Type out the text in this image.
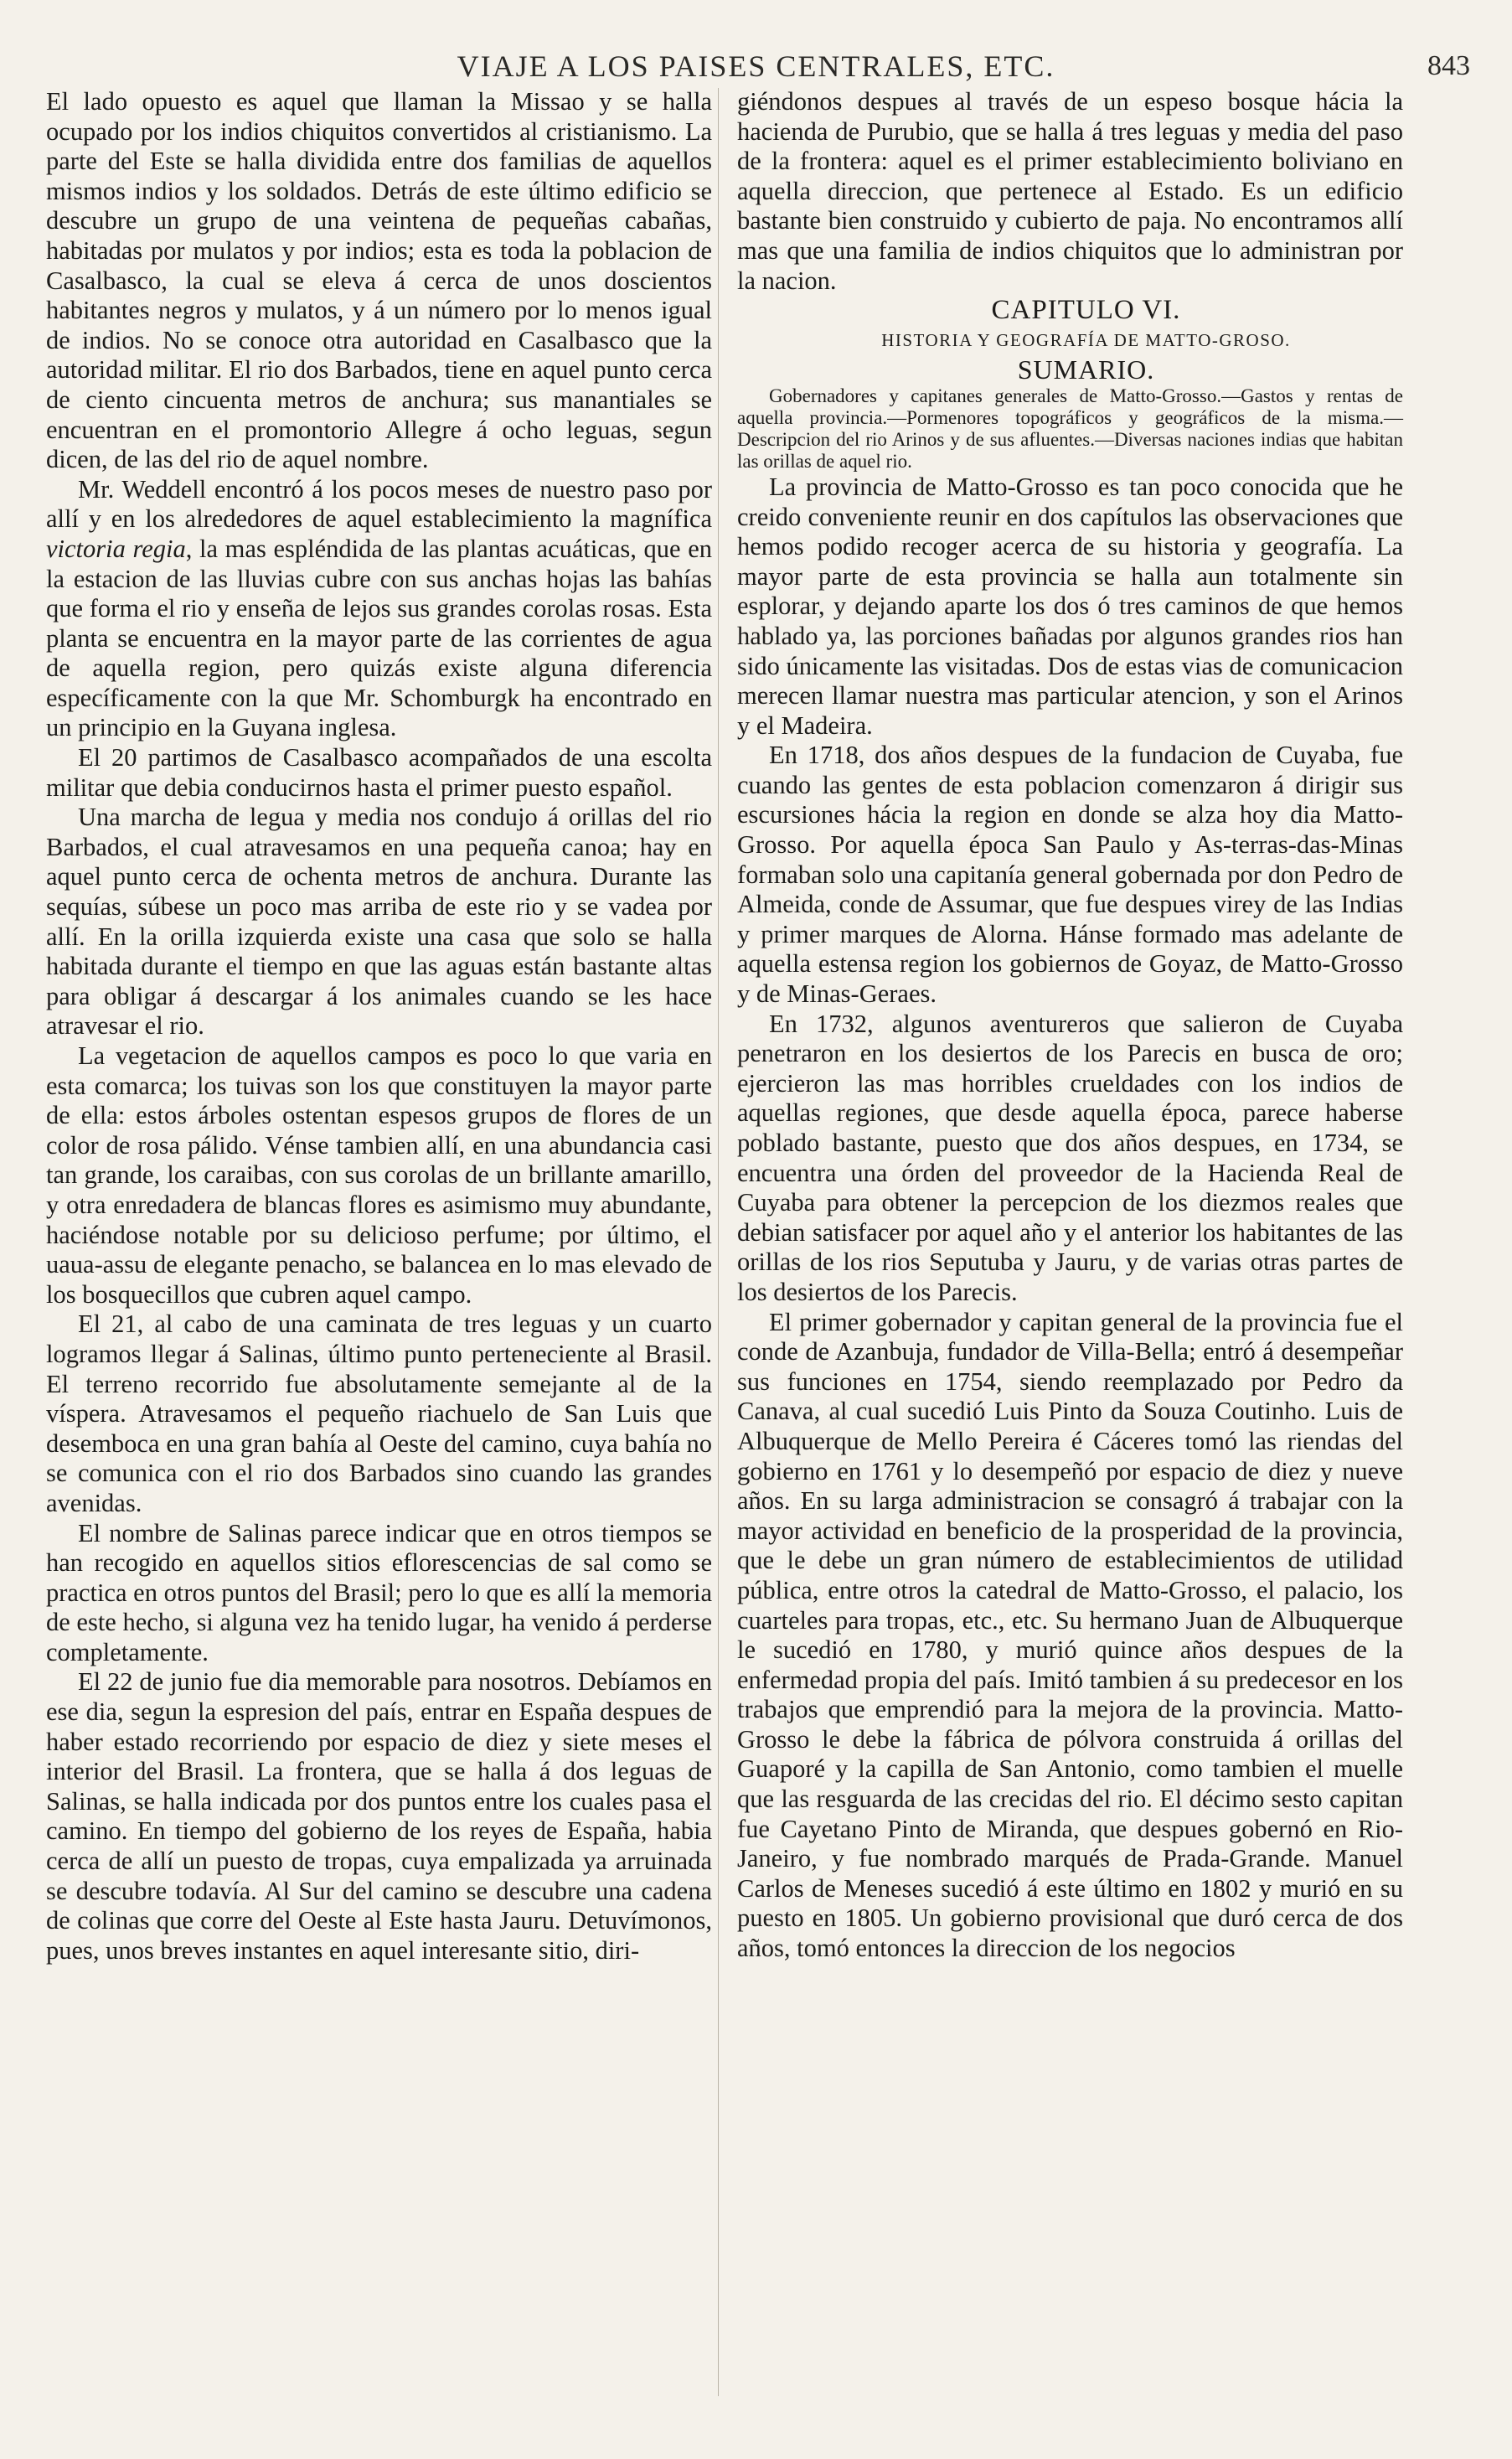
VIAJE A LOS PAISES CENTRALES, ETC.	843

El lado opuesto es aquel que llaman la Missao y se halla ocupado por los indios chiquitos convertidos al cristianismo. La parte del Este se halla dividida entre dos familias de aquellos mismos indios y los soldados. Detrás de este último edificio se descubre un grupo de una veintena de pequeñas cabañas, habitadas por mulatos y por indios; esta es toda la poblacion de Casalbasco, la cual se eleva á cerca de unos doscientos habitantes negros y mulatos, y á un número por lo menos igual de indios. No se conoce otra autoridad en Casalbasco que la autoridad militar. El rio dos Barbados, tiene en aquel punto cerca de ciento cincuenta metros de anchura; sus manantiales se encuentran en el promontorio Allegre á ocho leguas, segun dicen, de las del rio de aquel nombre.

Mr. Weddell encontró á los pocos meses de nuestro paso por allí y en los alrededores de aquel establecimiento la magnífica victoria regia, la mas espléndida de las plantas acuáticas, que en la estacion de las lluvias cubre con sus anchas hojas las bahías que forma el rio y enseña de lejos sus grandes corolas rosas. Esta planta se encuentra en la mayor parte de las corrientes de agua de aquella region, pero quizás existe alguna diferencia específicamente con la que Mr. Schomburgk ha encontrado en un principio en la Guyana inglesa.

El 20 partimos de Casalbasco acompañados de una escolta militar que debia conducirnos hasta el primer puesto español.

Una marcha de legua y media nos condujo á orillas del rio Barbados, el cual atravesamos en una pequeña canoa; hay en aquel punto cerca de ochenta metros de anchura. Durante las sequías, súbese un poco mas arriba de este rio y se vadea por allí. En la orilla izquierda existe una casa que solo se halla habitada durante el tiempo en que las aguas están bastante altas para obligar á descargar á los animales cuando se les hace atravesar el rio.

La vegetacion de aquellos campos es poco lo que varia en esta comarca; los tuivas son los que constituyen la mayor parte de ella: estos árboles ostentan espesos grupos de flores de un color de rosa pálido. Vénse tambien allí, en una abundancia casi tan grande, los caraibas, con sus corolas de un brillante amarillo, y otra enredadera de blancas flores es asimismo muy abundante, haciéndose notable por su delicioso perfume; por último, el uaua-assu de elegante penacho, se balancea en lo mas elevado de los bosquecillos que cubren aquel campo.

El 21, al cabo de una caminata de tres leguas y un cuarto logramos llegar á Salinas, último punto perteneciente al Brasil. El terreno recorrido fue absolutamente semejante al de la víspera. Atravesamos el pequeño riachuelo de San Luis que desemboca en una gran bahía al Oeste del camino, cuya bahía no se comunica con el rio dos Barbados sino cuando las grandes avenidas.

El nombre de Salinas parece indicar que en otros tiempos se han recogido en aquellos sitios eflorescencias de sal como se practica en otros puntos del Brasil; pero lo que es allí la memoria de este hecho, si alguna vez ha tenido lugar, ha venido á perderse completamente.

El 22 de junio fue dia memorable para nosotros. Debíamos en ese dia, segun la espresion del país, entrar en España despues de haber estado recorriendo por espacio de diez y siete meses el interior del Brasil. La frontera, que se halla á dos leguas de Salinas, se halla indicada por dos puntos entre los cuales pasa el camino. En tiempo del gobierno de los reyes de España, habia cerca de allí un puesto de tropas, cuya empalizada ya arruinada se descubre todavía. Al Sur del camino se descubre una cadena de colinas que corre del Oeste al Este hasta Jauru. Detuvímonos, pues, unos breves instantes en aquel interesante sitio, diri-

giéndonos despues al través de un espeso bosque hácia la hacienda de Purubio, que se halla á tres leguas y media del paso de la frontera: aquel es el primer establecimiento boliviano en aquella direccion, que pertenece al Estado. Es un edificio bastante bien construido y cubierto de paja. No encontramos allí mas que una familia de indios chiquitos que lo administran por la nacion.

CAPITULO VI.

HISTORIA Y GEOGRAFÍA DE MATTO-GROSO.

SUMARIO.

Gobernadores y capitanes generales de Matto-Grosso.—Gastos y rentas de aquella provincia.—Pormenores topográficos y geográficos de la misma.—Descripcion del rio Arinos y de sus afluentes.—Diversas naciones indias que habitan las orillas de aquel rio.

La provincia de Matto-Grosso es tan poco conocida que he creido conveniente reunir en dos capítulos las observaciones que hemos podido recoger acerca de su historia y geografía. La mayor parte de esta provincia se halla aun totalmente sin esplorar, y dejando aparte los dos ó tres caminos de que hemos hablado ya, las porciones bañadas por algunos grandes rios han sido únicamente las visitadas. Dos de estas vias de comunicacion merecen llamar nuestra mas particular atencion, y son el Arinos y el Madeira.

En 1718, dos años despues de la fundacion de Cuyaba, fue cuando las gentes de esta poblacion comenzaron á dirigir sus escursiones hácia la region en donde se alza hoy dia Matto-Grosso. Por aquella época San Paulo y As-terras-das-Minas formaban solo una capitanía general gobernada por don Pedro de Almeida, conde de Assumar, que fue despues virey de las Indias y primer marques de Alorna. Hánse formado mas adelante de aquella estensa region los gobiernos de Goyaz, de Matto-Grosso y de Minas-Geraes.

En 1732, algunos aventureros que salieron de Cuyaba penetraron en los desiertos de los Parecis en busca de oro; ejercieron las mas horribles crueldades con los indios de aquellas regiones, que desde aquella época, parece haberse poblado bastante, puesto que dos años despues, en 1734, se encuentra una órden del proveedor de la Hacienda Real de Cuyaba para obtener la percepcion de los diezmos reales que debian satisfacer por aquel año y el anterior los habitantes de las orillas de los rios Seputuba y Jauru, y de varias otras partes de los desiertos de los Parecis.

El primer gobernador y capitan general de la provincia fue el conde de Azanbuja, fundador de Villa-Bella; entró á desempeñar sus funciones en 1754, siendo reemplazado por Pedro da Canava, al cual sucedió Luis Pinto da Souza Coutinho. Luis de Albuquerque de Mello Pereira é Cáceres tomó las riendas del gobierno en 1761 y lo desempeñó por espacio de diez y nueve años. En su larga administracion se consagró á trabajar con la mayor actividad en beneficio de la prosperidad de la provincia, que le debe un gran número de establecimientos de utilidad pública, entre otros la catedral de Matto-Grosso, el palacio, los cuarteles para tropas, etc., etc. Su hermano Juan de Albuquerque le sucedió en 1780, y murió quince años despues de la enfermedad propia del país. Imitó tambien á su predecesor en los trabajos que emprendió para la mejora de la provincia. Matto-Grosso le debe la fábrica de pólvora construida á orillas del Guaporé y la capilla de San Antonio, como tambien el muelle que las resguarda de las crecidas del rio. El décimo sesto capitan fue Cayetano Pinto de Miranda, que despues gobernó en Rio-Janeiro, y fue nombrado marqués de Prada-Grande. Manuel Carlos de Meneses sucedió á este último en 1802 y murió en su puesto en 1805. Un gobierno provisional que duró cerca de dos años, tomó entonces la direccion de los negocios
